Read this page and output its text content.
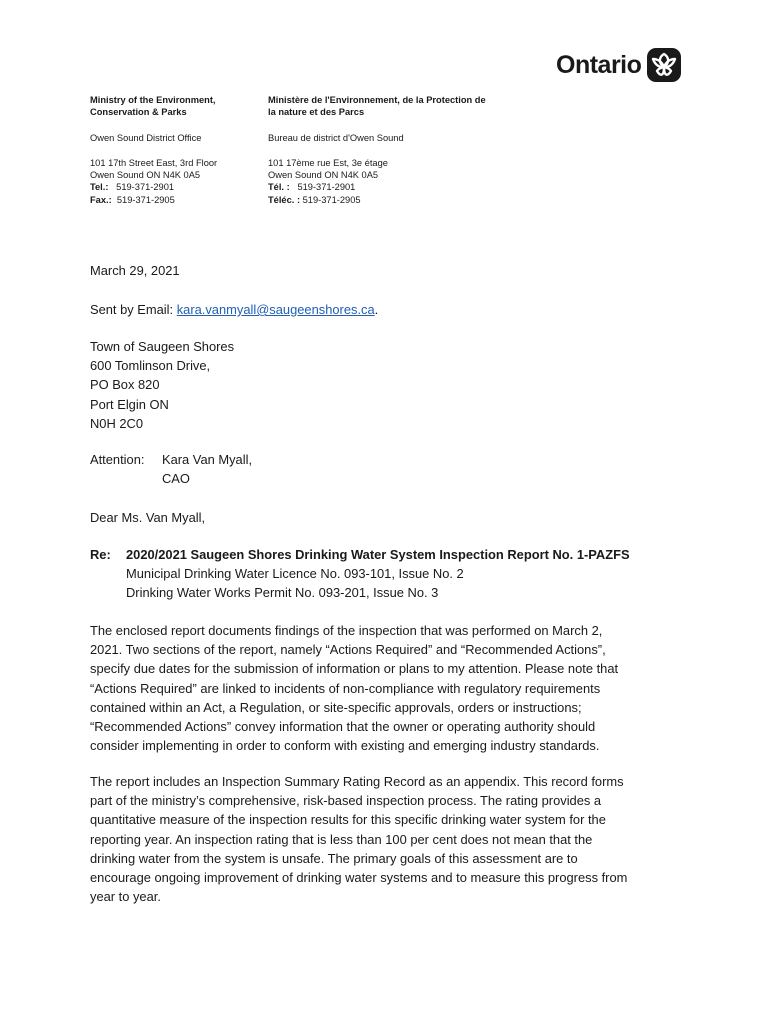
Ontario
Ministry of the Environment,
Conservation & Parks
Owen Sound District Office
101 17th Street East, 3rd Floor
Owen Sound ON N4K 0A5
Tel.: 519-371-2901
Fax.: 519-371-2905
Ministère de l'Environnement, de la Protection de
la nature et des Parcs
Bureau de district d'Owen Sound
101 17ème rue Est, 3e étage
Owen Sound ON N4K 0A5
Tél. : 519-371-2901
Téléc. : 519-371-2905
March 29, 2021
Sent by Email: kara.vanmyall@saugeenshores.ca.
Town of Saugeen Shores
600 Tomlinson Drive,
PO Box 820
Port Elgin ON
N0H 2C0
Attention:	Kara Van Myall,
CAO
Dear Ms. Van Myall,
Re:	2020/2021 Saugeen Shores Drinking Water System Inspection Report No. 1-PAZFS
Municipal Drinking Water Licence No. 093-101, Issue No. 2
Drinking Water Works Permit No. 093-201, Issue No. 3
The enclosed report documents findings of the inspection that was performed on March 2,
2021. Two sections of the report, namely “Actions Required” and “Recommended Actions”,
specify due dates for the submission of information or plans to my attention. Please note that
“Actions Required” are linked to incidents of non-compliance with regulatory requirements
contained within an Act, a Regulation, or site-specific approvals, orders or instructions;
“Recommended Actions” convey information that the owner or operating authority should
consider implementing in order to conform with existing and emerging industry standards.
The report includes an Inspection Summary Rating Record as an appendix. This record forms
part of the ministry’s comprehensive, risk-based inspection process. The rating provides a
quantitative measure of the inspection results for this specific drinking water system for the
reporting year. An inspection rating that is less than 100 per cent does not mean that the
drinking water from the system is unsafe. The primary goals of this assessment are to
encourage ongoing improvement of drinking water systems and to measure this progress from
year to year.
